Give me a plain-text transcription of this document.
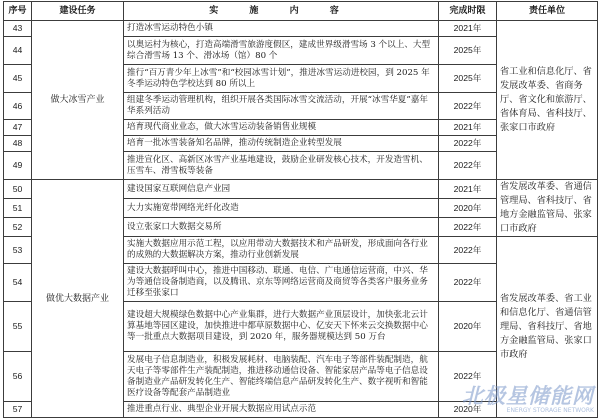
序号	建设任务	实 施 内 容	完成时限	责任单位
43	做大冰雪产业	打造冰雪运动特色小镇	2021年	省工业和信息化厅、省发展改革委、省商务厅、省文化和旅游厅、省体育局、省科技厅、张家口市政府
44		以奥运村为核心，打造高端滑雪旅游度假区，建成世界级滑雪场 3 个以上、大型综合滑雪场 13 个、滑冰场（馆）80 个	2025年	
45		推行“百万青少年上冰雪”和“校园冰雪计划”，推进冰雪运动进校园，到 2025 年冬季运动特色学校达到 80 所以上	2025年	
46		组建冬季运动管理机构，组织开展各类国际冰雪交流活动，开展“冰雪华夏”嘉年华系列活动	2022年	
47		培育现代商业业态，做大冰雪运动装备销售业规模	2021年	
48		培育一批冰雪装备知名品牌，推动传统制造企业转型发展	2022年	
49		推进宣化区、高新区冰雪产业基地建设，鼓励企业研发核心技术，开发造雪机、压雪车、滑雪板等装备	2022年	
50	做优大数据产业	建设国家互联网信息产业园	2021年	省发展改革委、省通信管理局、省科技厅、省地方金融监管局、张家口市政府
51		大力实施宽带网络光纤化改造	2020年	
52		设立张家口大数据交易所	2022年	
53		实施大数据应用示范工程，以应用带动大数据技术和产品研发，形成面向各行业的成熟的大数据解决方案，推动行业创新发展	2022年	省发展改革委、省工业和信息化厅、省通信管理局、省科技厅、省地方金融监管局、张家口市政府
54		建设大数据呼叫中心，推进中国移动、联通、电信、广电通信运营商，中兴、华为等通信设备制造商，以及腾讯、京东等网络运营商及商贸等各类客户服务业务迁移至张家口	2022年	
55		建设超大规模绿色数据中心产业集群，进行大数据产业顶层设计，加快张北云计算基地等园区建设，加快推进中都草原数据中心、亿安天下怀来云交换数据中心等一批重点大数据项目建设，到 2020 年，服务器规模达到 50 万台	2020年	
56		发展电子信息制造业，积极发展耗材、电脑装配、汽车电子等部件装配制造，航天电子等零部件生产装配制造，推进移动通信设备、智能家居产品等电子信息设备制造业产品研发转化生产、智能终端信息产品研发转化生产、数字视听和智能医疗设备等配套产品制造业	2022年	
57		推进重点行业、典型企业开展大数据应用试点示范	2020年	
北极星储能网
ENERGY STORAGE NETWORK
